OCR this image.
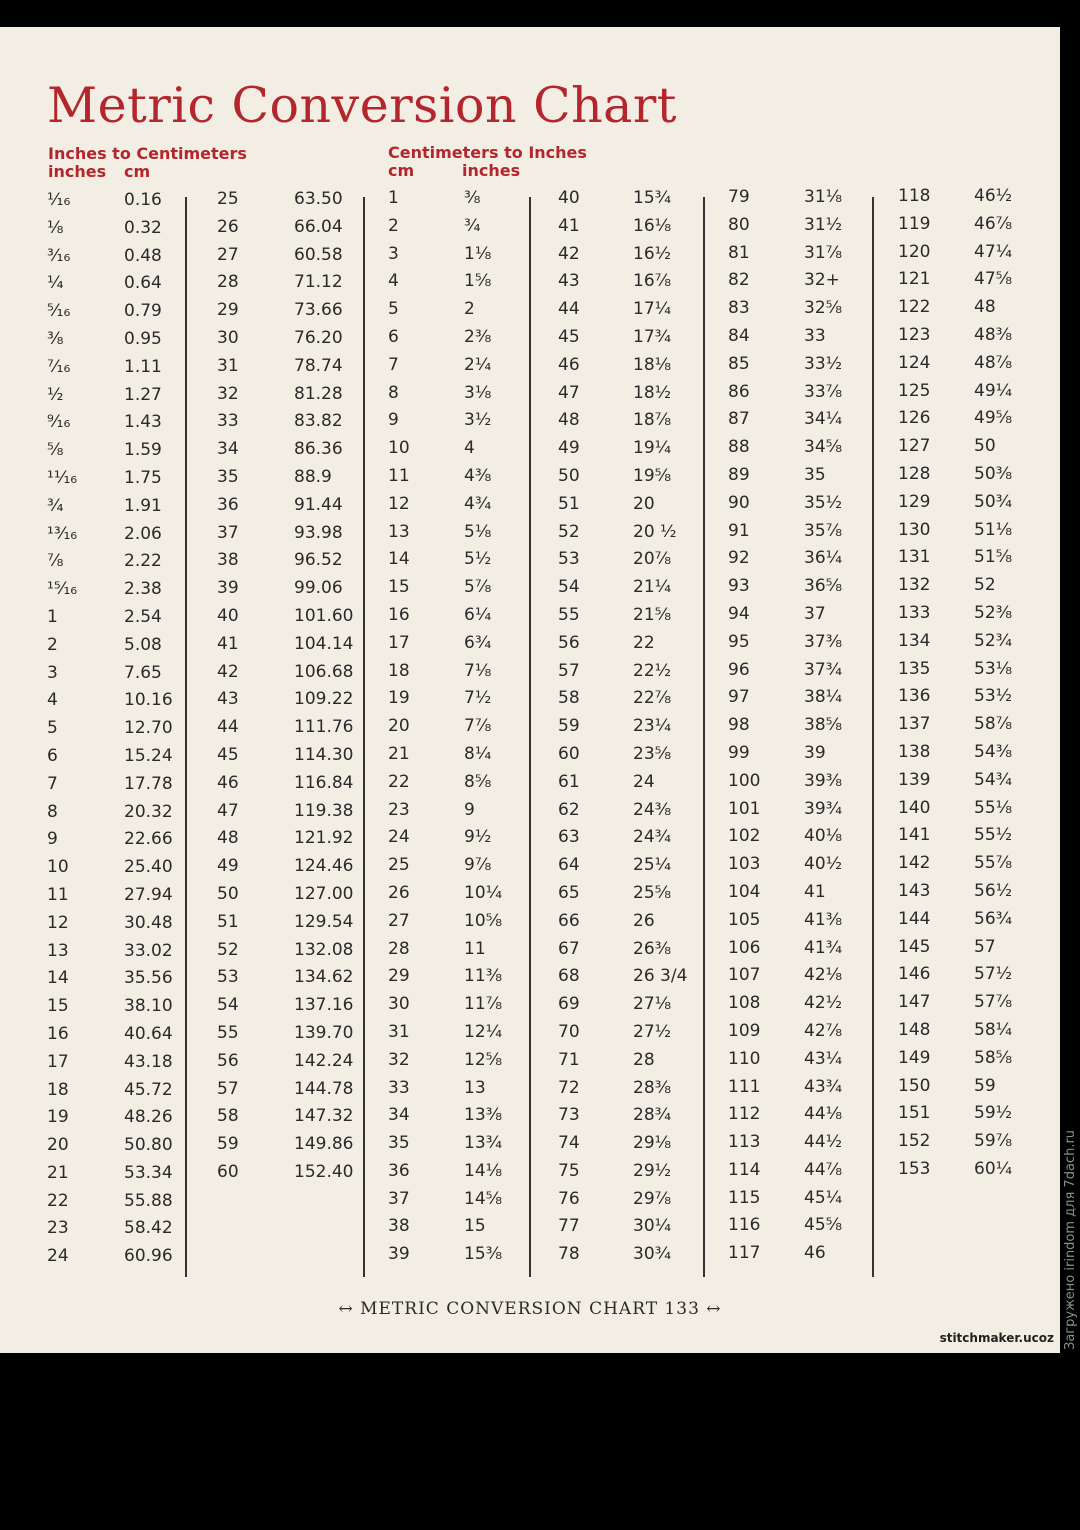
Metric Conversion Chart
Inches to Centimeters
inches cm
Centimeters to Inches
cm	inches
¹⁄₁₆
¹⁄₈
³⁄₁₆
¹⁄₄
⁵⁄₁₆
³⁄₈
⁷⁄₁₆
¹⁄₂
⁹⁄₁₆
⁵⁄₈
¹¹⁄₁₆
³⁄₄
¹³⁄₁₆
⁷⁄₈
¹⁵⁄₁₆
1
2
3
4
5
6
7
8
9
10
11
12
13
14
15
16
17
18
19
20
21
22
23
24
0.16
0.32
0.48
0.64
0.79
0.95
1.11
1.27
1.43
1.59
1.75
1.91
2.06
2.22
2.38
2.54
5.08
7.65
10.16
12.70
15.24
17.78
20.32
22.66
25.40
27.94
30.48
33.02
35.56
38.10
40.64
43.18
45.72
48.26
50.80
53.34
55.88
58.42
60.96
25
26
27
28
29
30
31
32
33
34
35
36
37
38
39
40
41
42
43
44
45
46
47
48
49
50
51
52
53
54
55
56
57
58
59
60
63.50
66.04
60.58
71.12
73.66
76.20
78.74
81.28
83.82
86.36
88.9
91.44
93.98
96.52
99.06
101.60
104.14
106.68
109.22
111.76
114.30
116.84
119.38
121.92
124.46
127.00
129.54
132.08
134.62
137.16
139.70
142.24
144.78
147.32
149.86
152.40
1
2
3
4
5
6
7
8
9
10
11
12
13
14
15
16
17
18
19
20
21
22
23
24
25
26
27
28
29
30
31
32
33
34
35
36
37
38
39
³⁄₈
³⁄₄
1¹⁄₈
1⁵⁄₈
2
2³⁄₈
2¹⁄₄
3¹⁄₈
3¹⁄₂
4
4³⁄₈
4³⁄₄
5¹⁄₈
5¹⁄₂
5⁷⁄₈
6¹⁄₄
6³⁄₄
7¹⁄₈
7¹⁄₂
7⁷⁄₈
8¹⁄₄
8⁵⁄₈
9
9¹⁄₂
9⁷⁄₈
10¹⁄₄
10⁵⁄₈
11
11³⁄₈
11⁷⁄₈
12¹⁄₄
12⁵⁄₈
13
13³⁄₈
13³⁄₄
14¹⁄₈
14⁵⁄₈
15
15³⁄₈
40
41
42
43
44
45
46
47
48
49
50
51
52
53
54
55
56
57
58
59
60
61
62
63
64
65
66
67
68
69
70
71
72
73
74
75
76
77
78
15³⁄₄
16¹⁄₈
16¹⁄₂
16⁷⁄₈
17¹⁄₄
17³⁄₄
18¹⁄₈
18¹⁄₂
18⁷⁄₈
19¹⁄₄
19⁵⁄₈
20
20 ¹⁄₂
20⁷⁄₈
21¹⁄₄
21⁵⁄₈
22
22¹⁄₂
22⁷⁄₈
23¹⁄₄
23⁵⁄₈
24
24³⁄₈
24³⁄₄
25¹⁄₄
25⁵⁄₈
26
26³⁄₈
26 3/4
27¹⁄₈
27¹⁄₂
28
28³⁄₈
28³⁄₄
29¹⁄₈
29¹⁄₂
29⁷⁄₈
30¹⁄₄
30³⁄₄
79
80
81
82
83
84
85
86
87
88
89
90
91
92
93
94
95
96
97
98
99
100
101
102
103
104
105
106
107
108
109
110
111
112
113
114
115
116
117
31¹⁄₈
31¹⁄₂
31⁷⁄₈
32+
32⁵⁄₈
33
33¹⁄₂
33⁷⁄₈
34¹⁄₄
34⁵⁄₈
35
35¹⁄₂
35⁷⁄₈
36¹⁄₄
36⁵⁄₈
37
37³⁄₈
37³⁄₄
38¹⁄₄
38⁵⁄₈
39
39³⁄₈
39³⁄₄
40¹⁄₈
40¹⁄₂
41
41³⁄₈
41³⁄₄
42¹⁄₈
42¹⁄₂
42⁷⁄₈
43¹⁄₄
43³⁄₄
44¹⁄₈
44¹⁄₂
44⁷⁄₈
45¹⁄₄
45⁵⁄₈
46
118
119
120
121
122
123
124
125
126
127
128
129
130
131
132
133
134
135
136
137
138
139
140
141
142
143
144
145
146
147
148
149
150
151
152
153
46¹⁄₂
46⁷⁄₈
47¹⁄₄
47⁵⁄₈
48
48³⁄₈
48⁷⁄₈
49¹⁄₄
49⁵⁄₈
50
50³⁄₈
50³⁄₄
51¹⁄₈
51⁵⁄₈
52
52³⁄₈
52³⁄₄
53¹⁄₈
53¹⁄₂
58⁷⁄₈
54³⁄₈
54³⁄₄
55¹⁄₈
55¹⁄₂
55⁷⁄₈
56¹⁄₂
56³⁄₄
57
57¹⁄₂
57⁷⁄₈
58¹⁄₄
58⁵⁄₈
59
59¹⁄₂
59⁷⁄₈
60¹⁄₄
↔ METRIC CONVERSION CHART 133 ↔
stitchmaker.ucoz Загружено irindom для 7dach.ru
